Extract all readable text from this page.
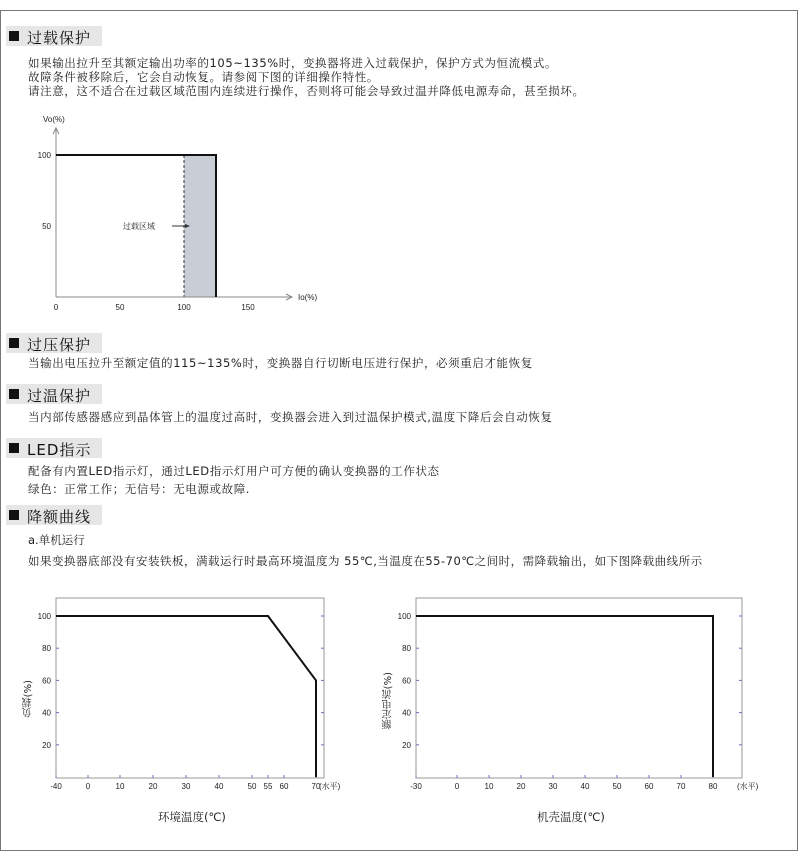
过载保护
如果输出拉升至其额定输出功率的105~135%时，变换器将进入过载保护，保护方式为恒流模式。
故障条件被移除后，它会自动恢复。请参阅下图的详细操作特性。
请注意，这不适合在过载区域范围内连续进行操作，否则将可能会导致过温并降低电源寿命，甚至损坏。
0	50	100	150
50
100
Vo(%)
Io(%)
过载区域
过压保护
当输出电压拉升至额定值的115~135%时，变换器自行切断电压进行保护，必须重启才能恢复
过温保护
当内部传感器感应到晶体管上的温度过高时，变换器会进入到过温保护模式,温度下降后会自动恢复
LED指示
配备有内置LED指示灯，通过LED指示灯用户可方便的确认变换器的工作状态
绿色：正常工作；无信号：无电源或故障.
降额曲线
a.单机运行
如果变换器底部没有安装铁板，满载运行时最高环境温度为 55℃,当温度在55-70℃之间时，需降载输出，如下图降载曲线所示
-40	0	10	20	30	40	50 55 60	70
20
40
60
80
100
(水平)
负载(%)
环境温度(℃)
-30	0	10	20	30	40	50	60	70	80
20
40
60
80
100
(水平)
额定电流(%)
机壳温度(℃)
